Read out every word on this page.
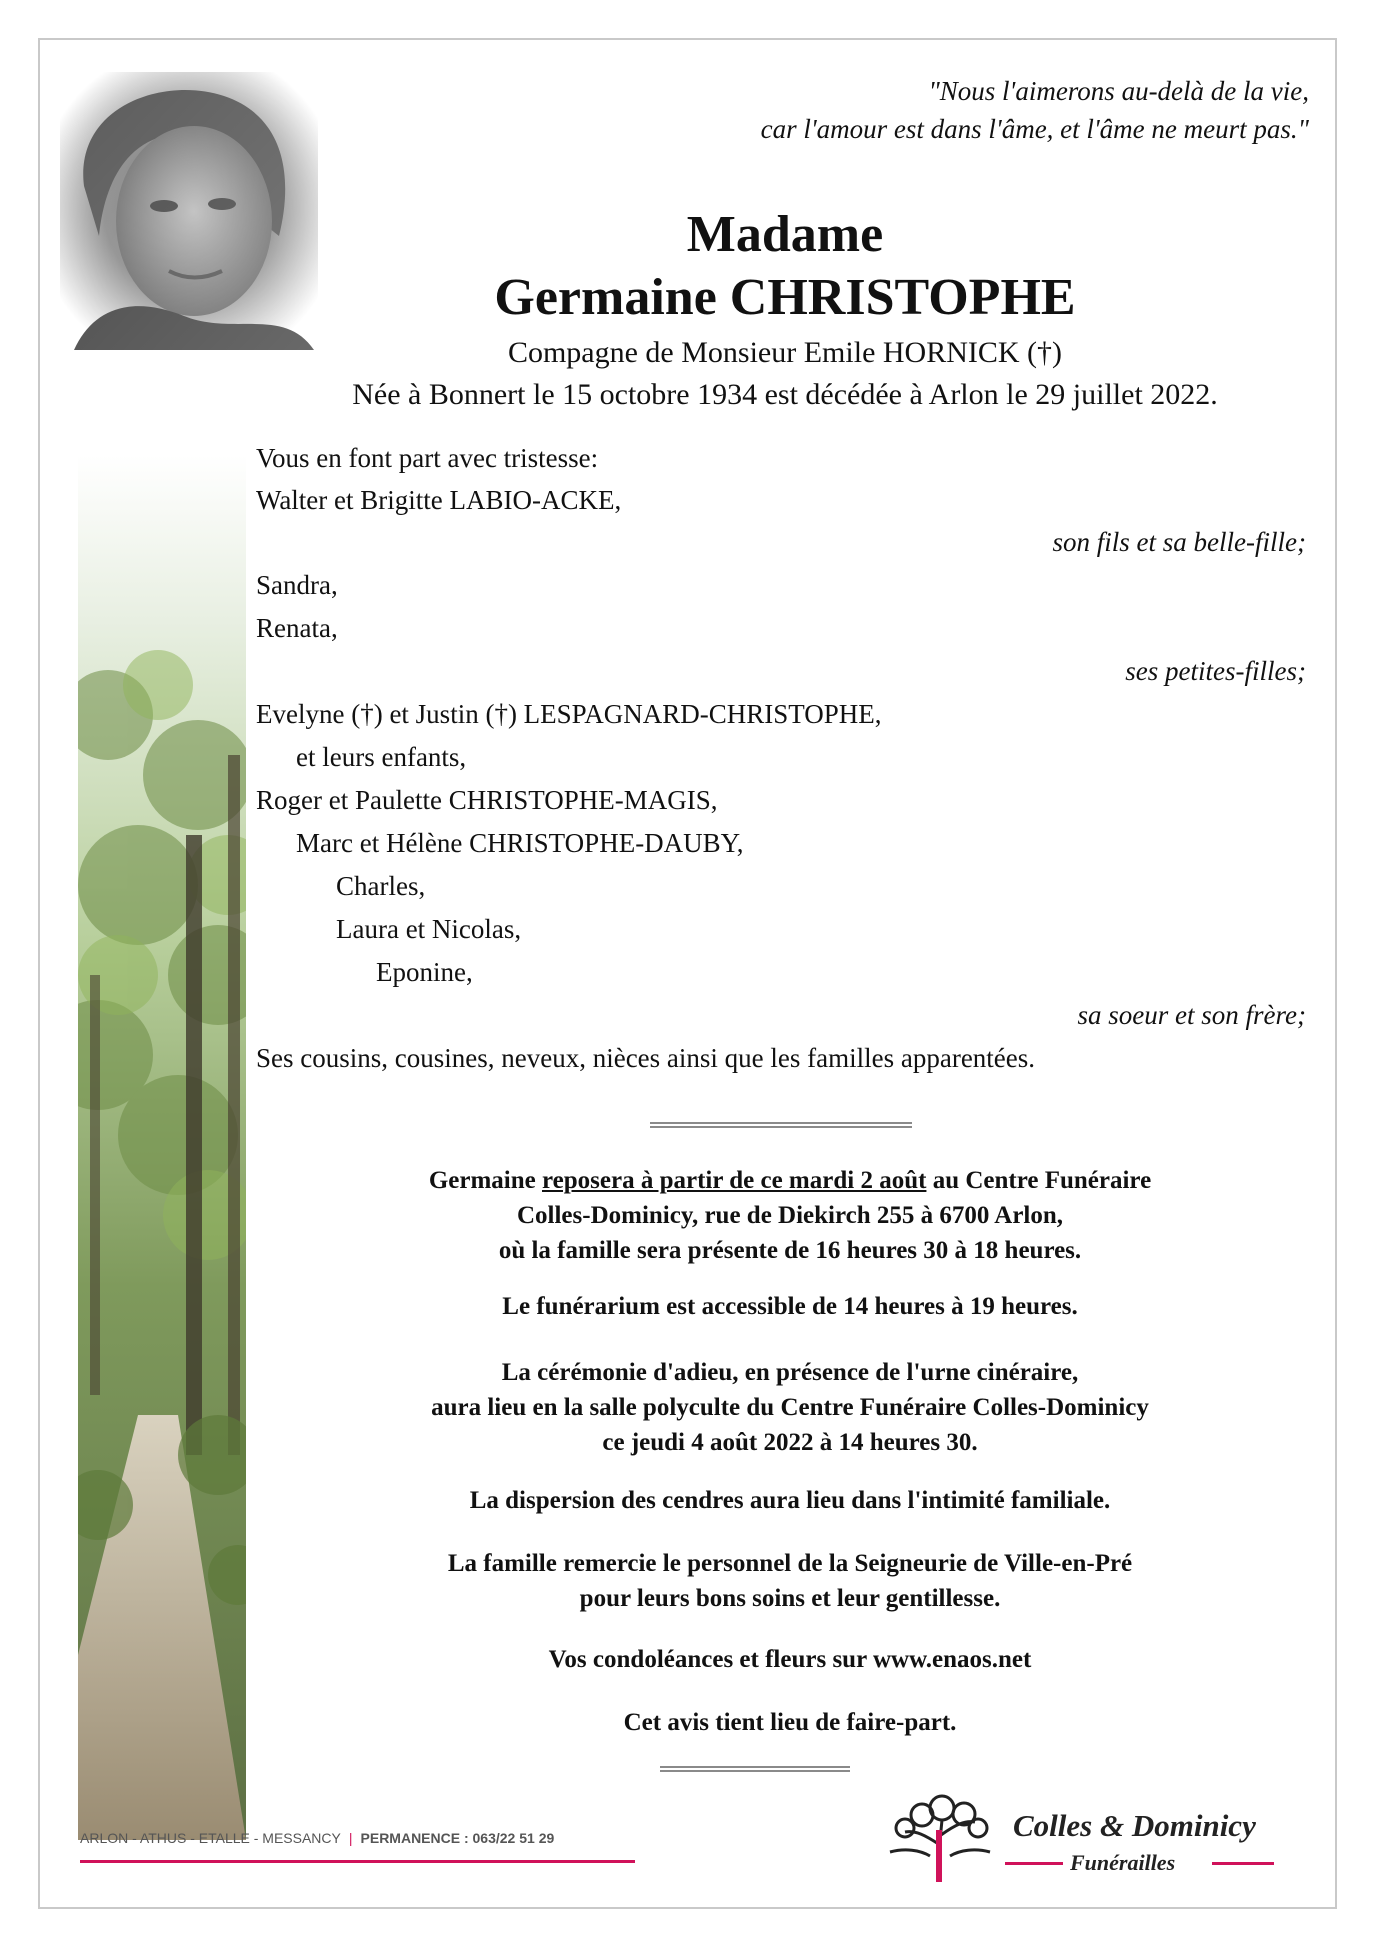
"Nous l'aimerons au-delà de la vie,
car l'amour est dans l'âme, et l'âme ne meurt pas."
Madame
Germaine CHRISTOPHE
Compagne de Monsieur Emile HORNICK (†)
Née à Bonnert le 15 octobre 1934 est décédée à Arlon le 29 juillet 2022.
Vous en font part avec tristesse:
Walter et Brigitte LABIO-ACKE,
son fils et sa belle-fille;
Sandra,
Renata,
ses petites-filles;
Evelyne (†) et Justin (†) LESPAGNARD-CHRISTOPHE,
et leurs enfants,
Roger et Paulette CHRISTOPHE-MAGIS,
Marc et Hélène CHRISTOPHE-DAUBY,
Charles,
Laura et Nicolas,
Eponine,
sa soeur et son frère;
Ses cousins, cousines, neveux, nièces ainsi que les familles apparentées.
Germaine reposera à partir de ce mardi 2 août au Centre Funéraire
Colles-Dominicy, rue de Diekirch 255 à 6700 Arlon,
où la famille sera présente de 16 heures 30 à 18 heures.
Le funérarium est accessible de 14 heures à 19 heures.
La cérémonie d'adieu, en présence de l'urne cinéraire,
aura lieu en la salle polyculte du Centre Funéraire Colles-Dominicy
ce jeudi 4 août 2022 à 14 heures 30.
La dispersion des cendres aura lieu dans l'intimité familiale.
La famille remercie le personnel de la Seigneurie de Ville-en-Pré
pour leurs bons soins et leur gentillesse.
Vos condoléances et fleurs sur www.enaos.net
Cet avis tient lieu de faire-part.
ARLON - ATHUS - ETALLE - MESSANCY | PERMANENCE : 063/22 51 29	Colles & Dominicy
Funérailles
